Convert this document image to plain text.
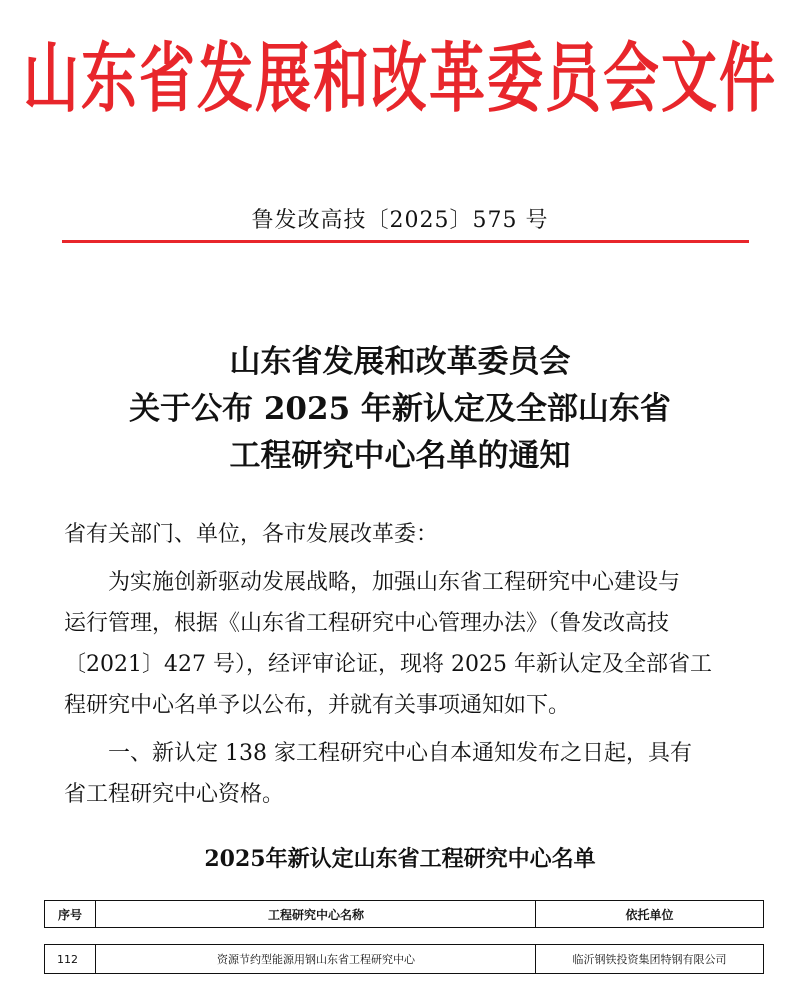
山东省发展和改革委员会文件
鲁发改高技〔2025〕575 号
山东省发展和改革委员会
关于公布 2025 年新认定及全部山东省
工程研究中心名单的通知
省有关部门、单位，各市发展改革委：
　　为实施创新驱动发展战略，加强山东省工程研究中心建设与
运行管理，根据《山东省工程研究中心管理办法》（鲁发改高技
〔2021〕427 号），经评审论证，现将 2025 年新认定及全部省工
程研究中心名单予以公布，并就有关事项通知如下。
　　一、新认定 138 家工程研究中心自本通知发布之日起，具有
省工程研究中心资格。
2025年新认定山东省工程研究中心名单
序号	工程研究中心名称	依托单位
112	资源节约型能源用钢山东省工程研究中心	临沂钢铁投资集团特钢有限公司
